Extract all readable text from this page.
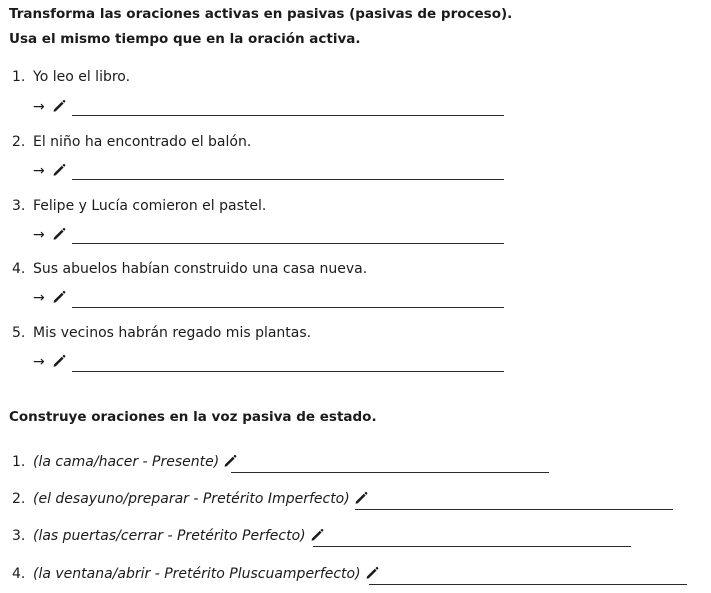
Transforma las oraciones activas en pasivas (pasivas de proceso).
Usa el mismo tiempo que en la oración activa.
1. Yo leo el libro.
→
2. El niño ha encontrado el balón.
→
3. Felipe y Lucía comieron el pastel.
→
4. Sus abuelos habían construido una casa nueva.
→
5. Mis vecinos habrán regado mis plantas.
→
Construye oraciones en la voz pasiva de estado.
1. (la cama/hacer - Presente)
2. (el desayuno/preparar - Pretérito Imperfecto)
3. (las puertas/cerrar - Pretérito Perfecto)
4. (la ventana/abrir - Pretérito Pluscuamperfecto)
